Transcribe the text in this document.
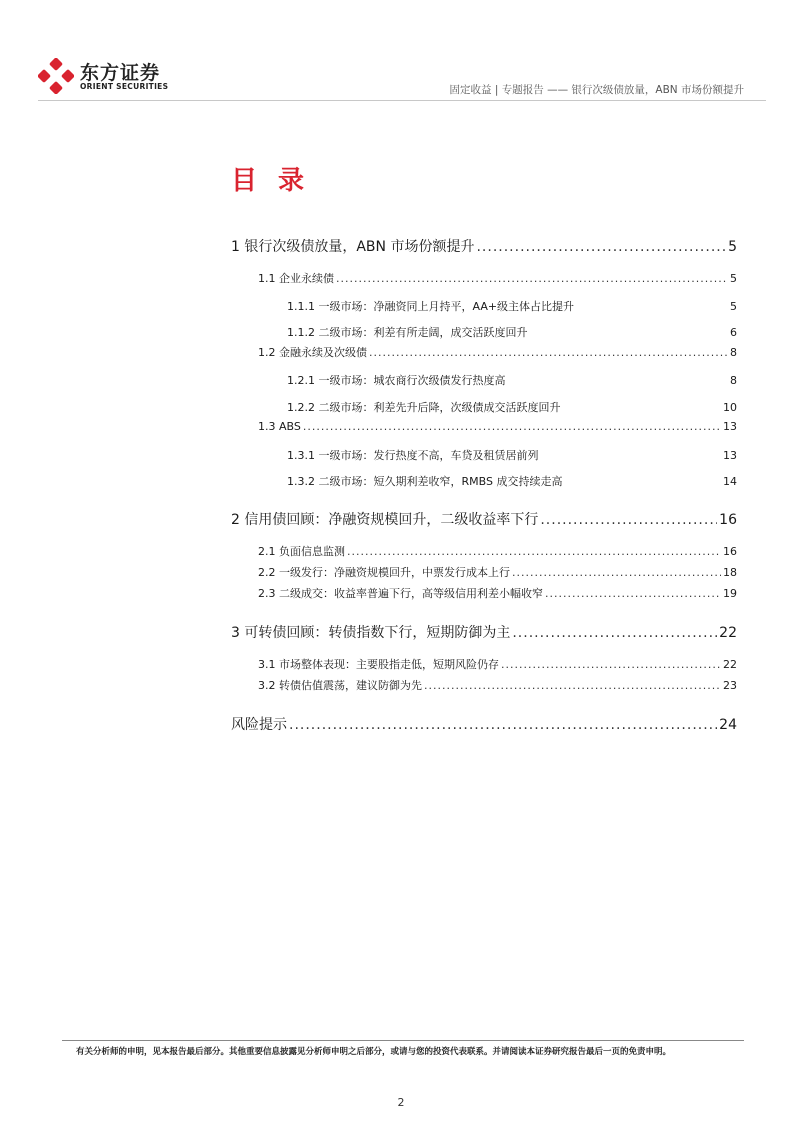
东方证券
ORIENT SECURITIES	固定收益 | 专题报告 —— 银行次级债放量，ABN 市场份额提升
目 录
1 银行次级债放量，ABN 市场份额提升 .....	5
1.1 企业永续债 .....	5
1.1.1 一级市场：净融资同上月持平，AA+级主体占比提升	5
1.1.2 二级市场：利差有所走阔，成交活跃度回升	6
1.2 金融永续及次级债 .....	8
1.2.1 一级市场：城农商行次级债发行热度高	8
1.2.2 二级市场：利差先升后降，次级债成交活跃度回升	10
1.3 ABS .....	13
1.3.1 一级市场：发行热度不高，车贷及租赁居前列	13
1.3.2 二级市场：短久期利差收窄，RMBS 成交持续走高	14
2 信用债回顾：净融资规模回升，二级收益率下行 .....	16
2.1 负面信息监测 .....	16
2.2 一级发行：净融资规模回升，中票发行成本上行 .....	18
2.3 二级成交：收益率普遍下行，高等级信用利差小幅收窄 .....	19
3 可转债回顾：转债指数下行，短期防御为主 .....	22
3.1 市场整体表现：主要股指走低，短期风险仍存 .....	22
3.2 转债估值震荡，建议防御为先 .....	23
风险提示 .....	24
有关分析师的申明，见本报告最后部分。其他重要信息披露见分析师申明之后部分，或请与您的投资代表联系。并请阅读本证券研究报告最后一页的免责申明。
2
